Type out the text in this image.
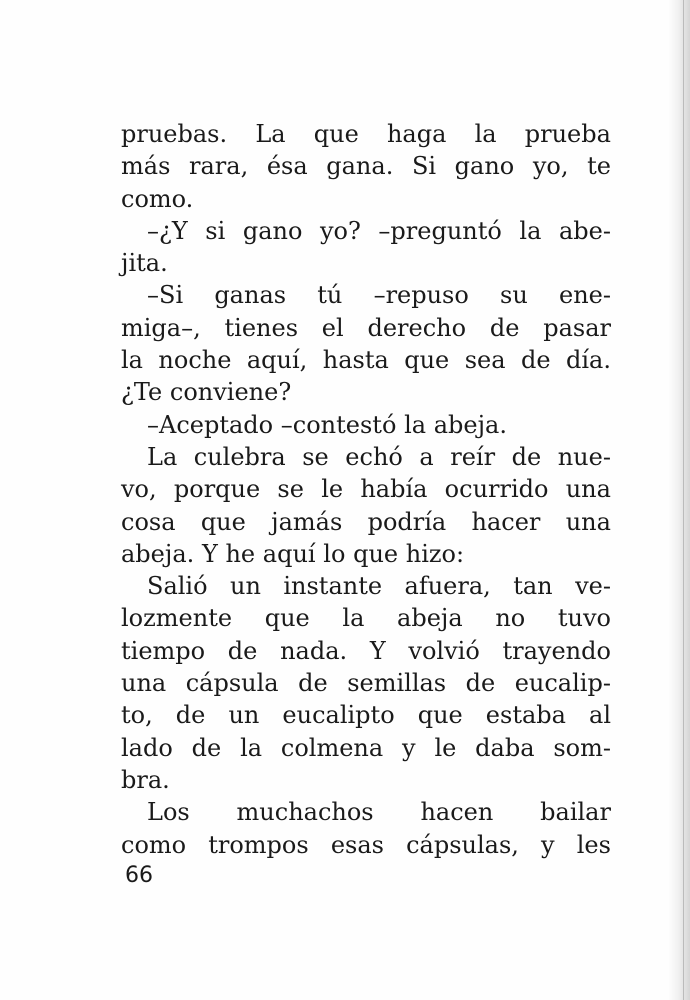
pruebas. La que haga la prueba
más rara, ésa gana. Si gano yo, te
como.
–¿Y si gano yo? –preguntó la abe-
jita.
–Si ganas tú –repuso su ene-
miga–, tienes el derecho de pasar
la noche aquí, hasta que sea de día.
¿Te conviene?
–Aceptado –contestó la abeja.
La culebra se echó a reír de nue-
vo, porque se le había ocurrido una
cosa que jamás podría hacer una
abeja. Y he aquí lo que hizo:
Salió un instante afuera, tan ve-
lozmente que la abeja no tuvo
tiempo de nada. Y volvió trayendo
una cápsula de semillas de eucalip-
to, de un eucalipto que estaba al
lado de la colmena y le daba som-
bra.
Los muchachos hacen bailar
como trompos esas cápsulas, y les
66
